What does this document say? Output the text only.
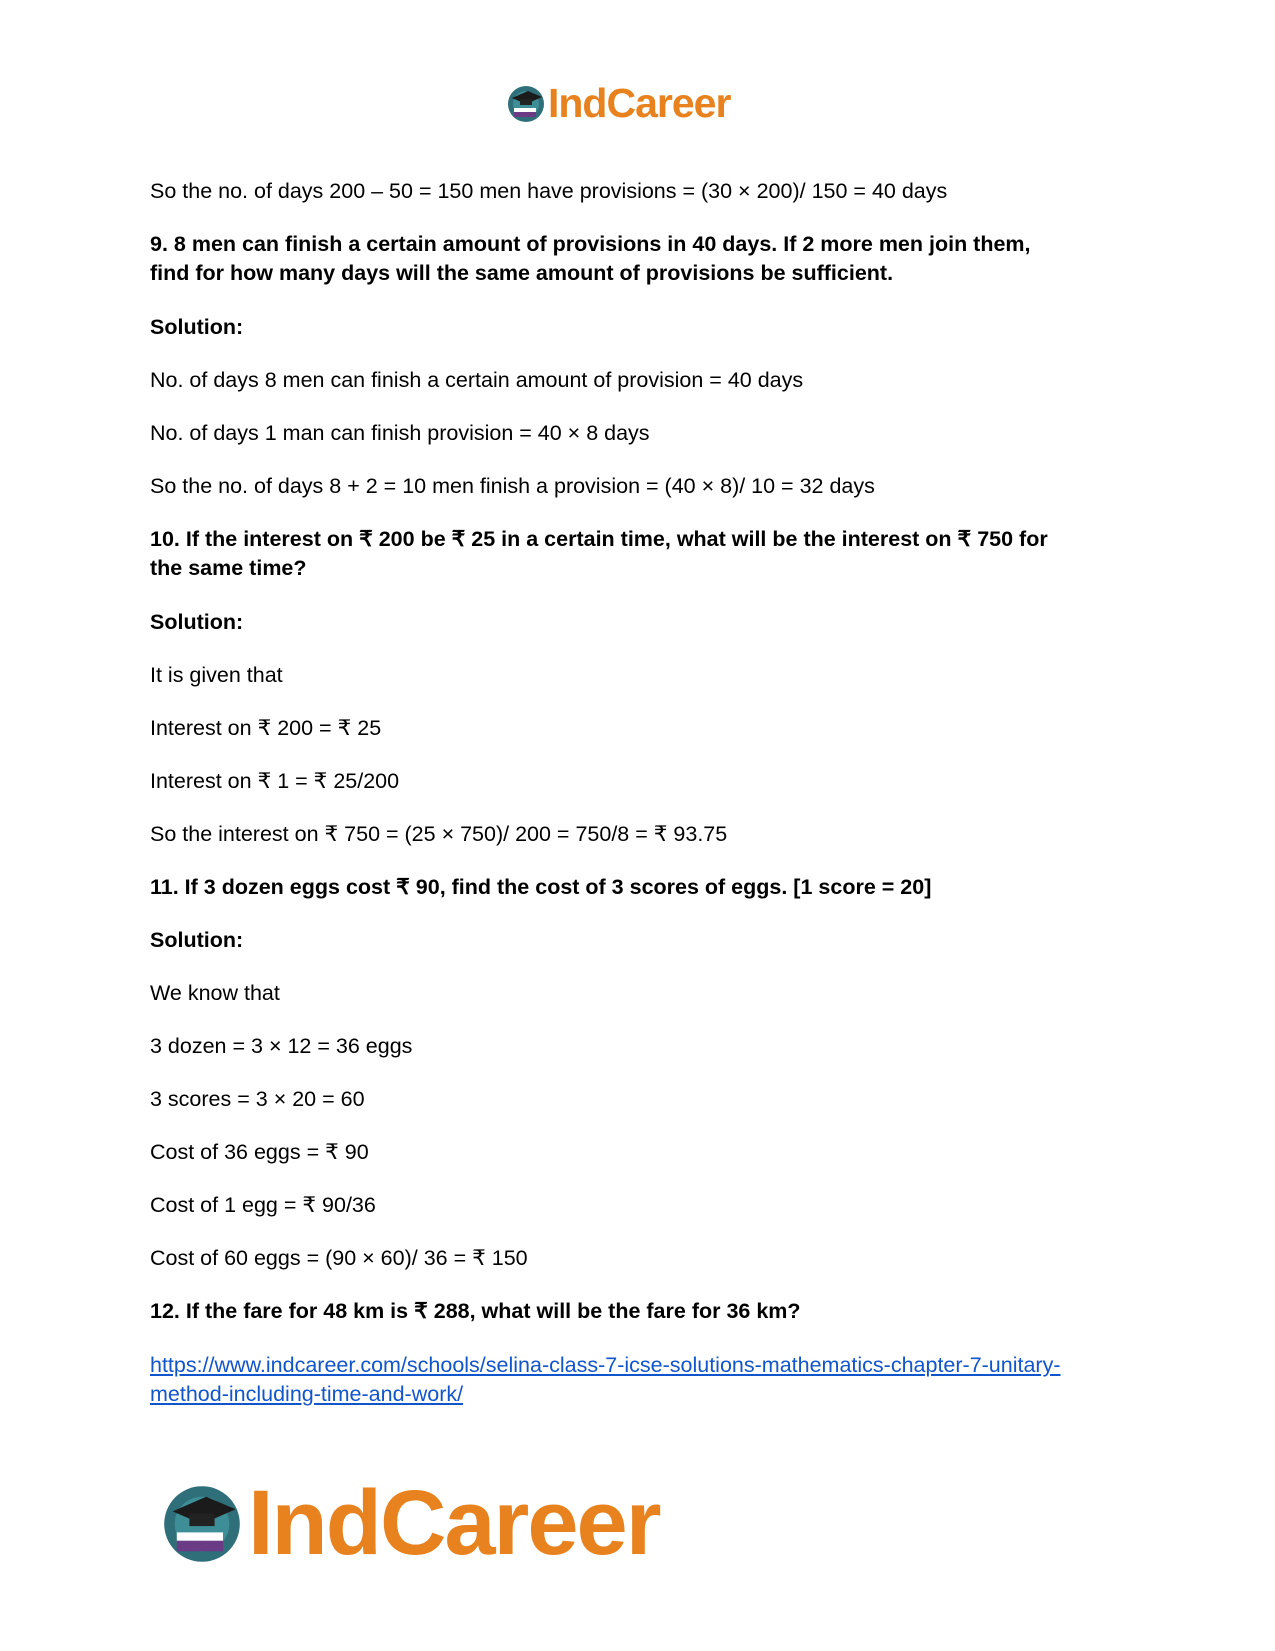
IndCareer
So the no. of days 200 – 50 = 150 men have provisions = (30 × 200)/ 150 = 40 days
9. 8 men can finish a certain amount of provisions in 40 days. If 2 more men join them,
find for how many days will the same amount of provisions be sufficient.
Solution:
No. of days 8 men can finish a certain amount of provision = 40 days
No. of days 1 man can finish provision = 40 × 8 days
So the no. of days 8 + 2 = 10 men finish a provision = (40 × 8)/ 10 = 32 days
10. If the interest on ₹ 200 be ₹ 25 in a certain time, what will be the interest on ₹ 750 for
the same time?
Solution:
It is given that
Interest on ₹ 200 = ₹ 25
Interest on ₹ 1 = ₹ 25/200
So the interest on ₹ 750 = (25 × 750)/ 200 = 750/8 = ₹ 93.75
11. If 3 dozen eggs cost ₹ 90, find the cost of 3 scores of eggs. [1 score = 20]
Solution:
We know that
3 dozen = 3 × 12 = 36 eggs
3 scores = 3 × 20 = 60
Cost of 36 eggs = ₹ 90
Cost of 1 egg = ₹ 90/36
Cost of 60 eggs = (90 × 60)/ 36 = ₹ 150
12. If the fare for 48 km is ₹ 288, what will be the fare for 36 km?
https://www.indcareer.com/schools/selina-class-7-icse-solutions-mathematics-chapter-7-unitary-
method-including-time-and-work/
IndCareer
